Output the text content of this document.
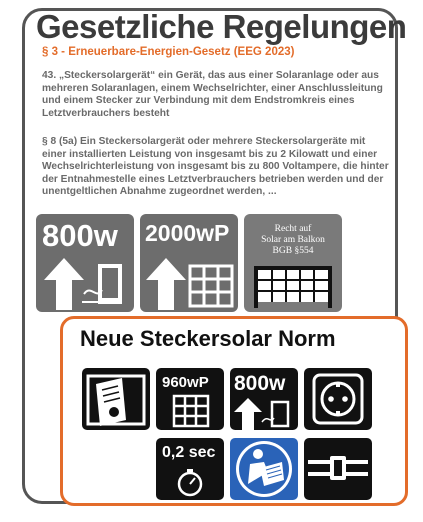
Gesetzliche Regelungen

§ 3 - Erneuerbare-Energien-Gesetz (EEG 2023)

43. „Steckersolargerät“ ein Gerät, das aus einer Solaranlage oder aus mehreren Solaranlagen, einem Wechselrichter, einer Anschlussleitung und einem Stecker zur Verbindung mit dem Endstromkreis eines Letztverbrauchers besteht

§ 8 (5a) Ein Steckersolargerät oder mehrere Steckersolargeräte mit einer installierten Leistung von insgesamt bis zu 2 Kilowatt und einer Wechselrichterleistung von insgesamt bis zu 800 Voltampere, die hinter der Entnahmestelle eines Letztverbrauchers betrieben werden und der unentgeltlichen Abnahme zugeordnet werden, ...

800w 2000wP	Recht auf
Solar am Balkon
BGB §554
Neue Steckersolar Norm
960wP 800w
0,2 sec
